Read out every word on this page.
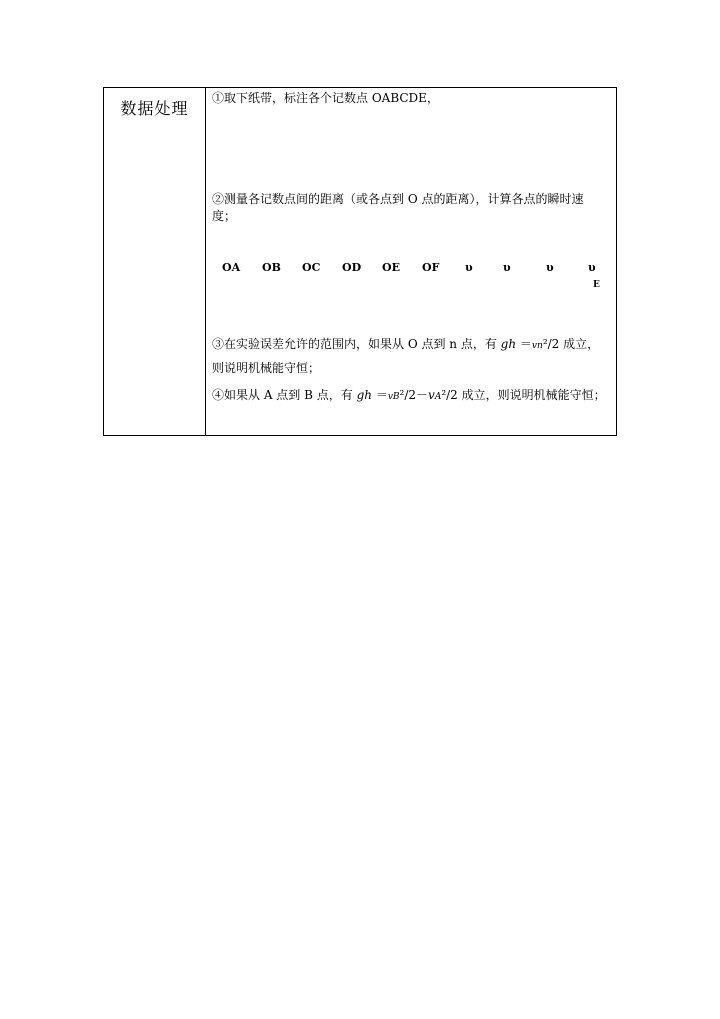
数据处理
①取下纸带，标注各个记数点 OABCDE，
②测量各记数点间的距离（或各点到 O 点的距离），计算各点的瞬时速
度；
OA OB OC OD OE OF υ	υ	υ	υ
E
③在实验误差允许的范围内，如果从 O 点到 n 点，有 gh ＝vn²/2 成立，
则说明机械能守恒；
④如果从 A 点到 B 点，有 gh ＝vB²/2－vA²/2 成立，则说明机械能守恒；
